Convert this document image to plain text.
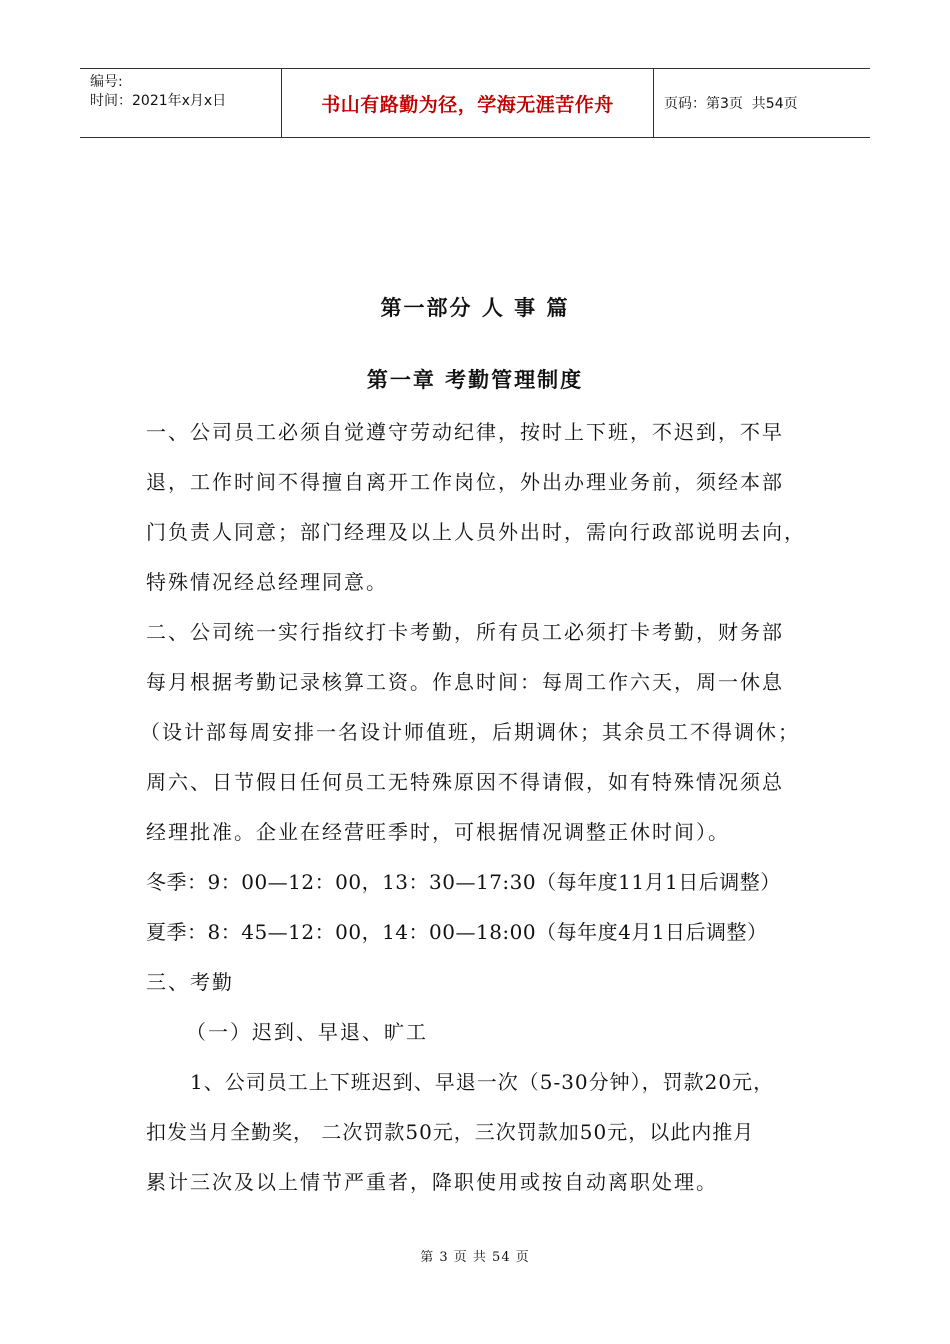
编号:
时间：2021年x月x日	书山有路勤为径，学海无涯苦作舟	页码：第3页  共54页
第一部分 人 事 篇
第一章 考勤管理制度
一、公司员工必须自觉遵守劳动纪律，按时上下班，不迟到，不早
退，工作时间不得擅自离开工作岗位，外出办理业务前，须经本部
门负责人同意；部门经理及以上人员外出时，需向行政部说明去向，
特殊情况经总经理同意。
二、公司统一实行指纹打卡考勤，所有员工必须打卡考勤，财务部
每月根据考勤记录核算工资。作息时间：每周工作六天，周一休息
（设计部每周安排一名设计师值班，后期调休；其余员工不得调休；
周六、日节假日任何员工无特殊原因不得请假，如有特殊情况须总
经理批准。企业在经营旺季时，可根据情况调整正休时间）。
冬季：9：00—12：00，13：30—17:30（每年度11月1日后调整）
夏季：8：45—12：00，14：00—18:00（每年度4月1日后调整）
三、考勤
（一）迟到、早退、旷工
1、公司员工上下班迟到、早退一次（5-30分钟），罚款20元，
扣发当月全勤奖， 二次罚款50元，三次罚款加50元，以此内推月
累计三次及以上情节严重者，降职使用或按自动离职处理。
第 3 页 共 54 页
